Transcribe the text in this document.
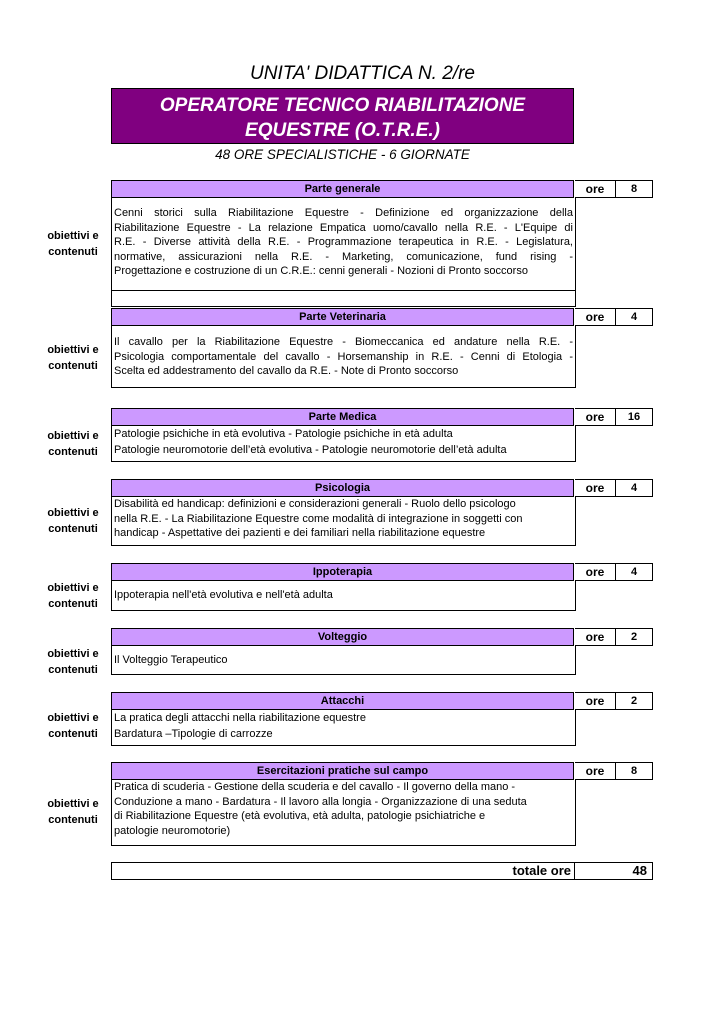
UNITA' DIDATTICA N. 2/re
OPERATORE TECNICO RIABILITAZIONE
EQUESTRE (O.T.R.E.)
48 ORE SPECIALISTICHE - 6 GIORNATE
Parte generale	ore	8
Cenni storici sulla Riabilitazione Equestre - Definizione ed organizzazione della
Riabilitazione Equestre - La relazione Empatica uomo/cavallo nella R.E. - L'Equipe di
R.E. - Diverse attività della R.E. - Programmazione terapeutica in R.E. - Legislatura,
normative, assicurazioni nella R.E. - Marketing, comunicazione, fund rising -
Progettazione e costruzione di un C.R.E.: cenni generali - Nozioni di Pronto soccorso
obiettivi e
contenuti
Parte Veterinaria	ore	4
Il cavallo per la Riabilitazione Equestre - Biomeccanica ed andature nella R.E. -
Psicologia comportamentale del cavallo - Horsemanship in R.E. - Cenni di Etologia -
Scelta ed addestramento del cavallo da R.E. - Note di Pronto soccorso
obiettivi e
contenuti
Parte Medica	ore	16
Patologie psichiche in età evolutiva - Patologie psichiche in età adulta
Patologie neuromotorie dell’età evolutiva - Patologie neuromotorie dell’età adulta
obiettivi e
contenuti
Psicologia	ore	4
Disabilità ed handicap: definizioni e considerazioni generali - Ruolo dello psicologo
nella R.E. - La Riabilitazione Equestre come modalità di integrazione in soggetti con
handicap - Aspettative dei pazienti e dei familiari nella riabilitazione equestre
obiettivi e
contenuti
Ippoterapia	ore	4
Ippoterapia nell'età evolutiva e nell'età adulta
obiettivi e
contenuti
Volteggio	ore	2
Il Volteggio Terapeutico
obiettivi e
contenuti
Attacchi	ore	2
La pratica degli attacchi nella riabilitazione equestre
Bardatura –Tipologie di carrozze
obiettivi e
contenuti
Esercitazioni pratiche sul campo	ore	8
Pratica di scuderia - Gestione della scuderia e del cavallo - Il governo della mano -
Conduzione a mano - Bardatura - Il lavoro alla longia - Organizzazione di una seduta
di Riabilitazione Equestre (età evolutiva, età adulta, patologie psichiatriche e
patologie neuromotorie)
obiettivi e
contenuti
totale ore	48
